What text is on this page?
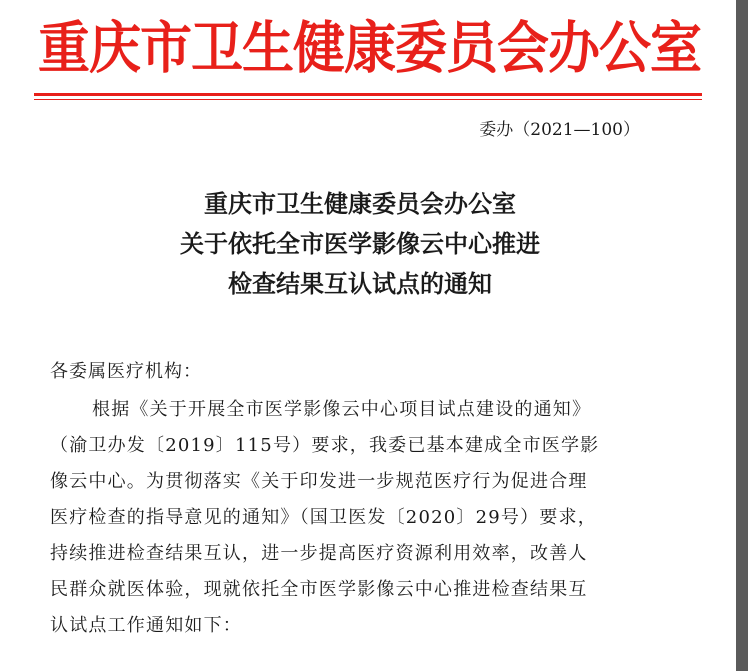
重庆市卫生健康委员会办公室
委办（2021—100）
重庆市卫生健康委员会办公室
关于依托全市医学影像云中心推进
检查结果互认试点的通知
各委属医疗机构：
根据《关于开展全市医学影像云中心项目试点建设的通知》
（渝卫办发〔2019〕115号）要求，我委已基本建成全市医学影
像云中心。为贯彻落实《关于印发进一步规范医疗行为促进合理
医疗检查的指导意见的通知》（国卫医发〔2020〕29号）要求，
持续推进检查结果互认，进一步提高医疗资源利用效率，改善人
民群众就医体验，现就依托全市医学影像云中心推进检查结果互
认试点工作通知如下：
